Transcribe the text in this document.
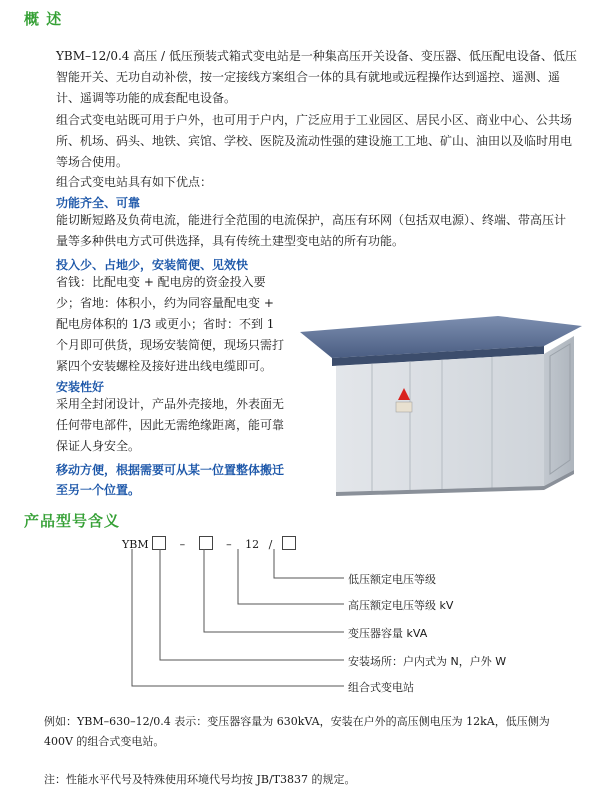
概 述
YBM–12/0.4 高压 / 低压预装式箱式变电站是一种集高压开关设备、变压器、低压配电设备、低压智能开关、无功自动补偿，按一定接线方案组合一体的具有就地或远程操作达到遥控、遥测、遥计、遥调等功能的成套配电设备。
组合式变电站既可用于户外，也可用于户内，广泛应用于工业园区、居民小区、商业中心、公共场所、机场、码头、地铁、宾馆、学校、医院及流动性强的建设施工工地、矿山、油田以及临时用电等场合使用。
组合式变电站具有如下优点：
功能齐全、可靠
能切断短路及负荷电流，能进行全范围的电流保护，高压有环网（包括双电源）、终端、带高压计量等多种供电方式可供选择，具有传统土建型变电站的所有功能。
投入少、占地少，安装简便、见效快
省钱：比配电变 + 配电房的资金投入要少；省地：体积小，约为同容量配电变 + 配电房体积的 1/3 或更小；省时：不到 1 个月即可供货，现场安装简便，现场只需打紧四个安装螺栓及接好进出线电缆即可。
安装性好
采用全封闭设计，产品外壳接地，外表面无任何带电部件，因此无需绝缘距离，能可靠保证人身安全。
移动方便，根据需要可从某一位置整体搬迁至另一个位置。
产品型号含义
YBM	–	– 12 /
低压额定电压等级
高压额定电压等级 kV
变压器容量 kVA
安装场所：户内式为 N，户外 W
组合式变电站
例如：YBM–630–12/0.4 表示：变压器容量为 630kVA，安装在户外的高压侧电压为 12kA，低压侧为 400V 的组合式变电站。
注：性能水平代号及特殊使用环境代号均按 JB/T3837 的规定。
